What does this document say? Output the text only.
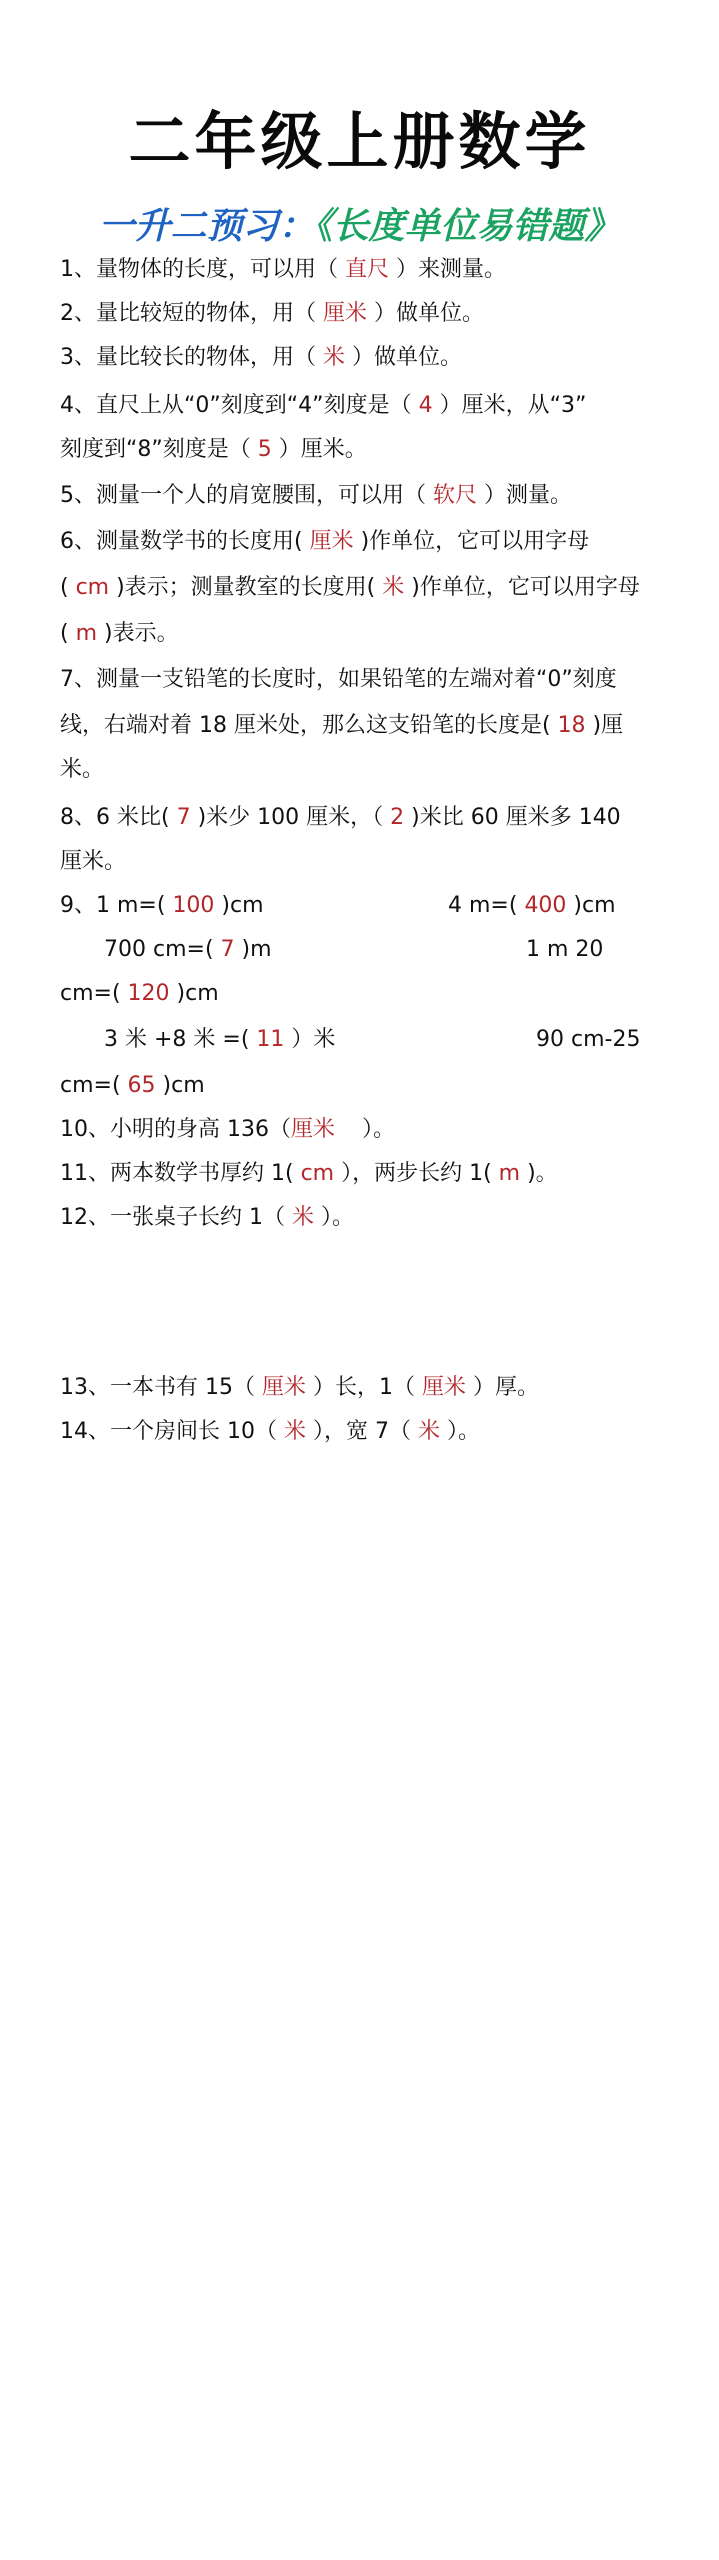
二年级上册数学
一升二预习：《长度单位易错题》
1、量物体的长度，可以用（ 直尺 ）来测量。
2、量比较短的物体，用（ 厘米 ）做单位。
3、量比较长的物体，用（ 米 ）做单位。
4、直尺上从“0”刻度到“4”刻度是（ 4 ）厘米，从“3”
刻度到“8”刻度是（ 5 ）厘米。
5、测量一个人的肩宽腰围，可以用（ 软尺 ）测量。
6、测量数学书的长度用( 厘米 )作单位，它可以用字母
( cm )表示；测量教室的长度用( 米 )作单位，它可以用字母
( m )表示。
7、测量一支铅笔的长度时，如果铅笔的左端对着“0”刻度
线，右端对着 18 厘米处，那么这支铅笔的长度是( 18 )厘
米。
8、6 米比( 7 )米少 100 厘米，（ 2 )米比 60 厘米多 140
厘米。
9、1 m=( 100 )cm	4 m=( 400 )cm
700 cm=( 7 )m	1 m 20
cm=( 120 )cm
3 米 +8 米 =( 11 ）米	90 cm-25
cm=( 65 )cm
10、小明的身高 136（厘米 ）。
11、两本数学书厚约 1( cm ），两步长约 1( m )。
12、一张桌子长约 1（ 米 ）。
13、一本书有 15（ 厘米 ）长，1（ 厘米 ）厚。
14、一个房间长 10（ 米 ），宽 7（ 米 ）。
